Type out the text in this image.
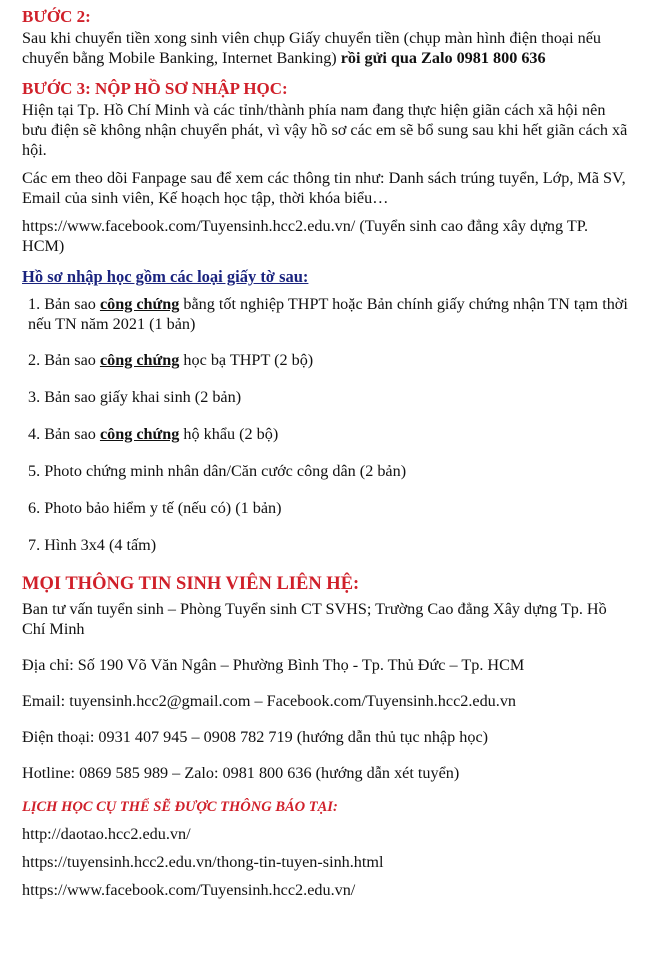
BƯỚC 2:

Sau khi chuyển tiền xong sinh viên chụp Giấy chuyển tiền (chụp màn hình điện thoại nếu chuyển bằng Mobile Banking, Internet Banking) rồi gửi qua Zalo 0981 800 636

BƯỚC 3: NỘP HỒ SƠ NHẬP HỌC:

Hiện tại Tp. Hồ Chí Minh và các tỉnh/thành phía nam đang thực hiện giãn cách xã hội nên bưu điện sẽ không nhận chuyển phát, vì vậy hồ sơ các em sẽ bổ sung sau khi hết giãn cách xã hội.

Các em theo dõi Fanpage sau để xem các thông tin như: Danh sách trúng tuyển, Lớp, Mã SV, Email của sinh viên, Kế hoạch học tập, thời khóa biểu…

https://www.facebook.com/Tuyensinh.hcc2.edu.vn/ (Tuyển sinh cao đẳng xây dựng TP. HCM)

Hồ sơ nhập học gồm các loại giấy tờ sau:

1. Bản sao công chứng bằng tốt nghiệp THPT hoặc Bản chính giấy chứng nhận TN tạm thời nếu TN năm 2021 (1 bản)

2. Bản sao công chứng học bạ THPT (2 bộ)

3. Bản sao giấy khai sinh (2 bản)

4. Bản sao công chứng hộ khẩu (2 bộ)

5. Photo chứng minh nhân dân/Căn cước công dân (2 bản)

6. Photo bảo hiểm y tế (nếu có) (1 bản)

7. Hình 3x4 (4 tấm)

MỌI THÔNG TIN SINH VIÊN LIÊN HỆ:

Ban tư vấn tuyển sinh – Phòng Tuyển sinh CT SVHS; Trường Cao đẳng Xây dựng Tp. Hồ Chí Minh

Địa chỉ: Số 190 Võ Văn Ngân – Phường Bình Thọ - Tp. Thủ Đức – Tp. HCM

Email: tuyensinh.hcc2@gmail.com – Facebook.com/Tuyensinh.hcc2.edu.vn

Điện thoại: 0931 407 945 – 0908 782 719 (hướng dẫn thủ tục nhập học)

Hotline: 0869 585 989 – Zalo: 0981 800 636 (hướng dẫn xét tuyển)

LỊCH HỌC CỤ THỂ SẼ ĐƯỢC THÔNG BÁO TẠI:

http://daotao.hcc2.edu.vn/

https://tuyensinh.hcc2.edu.vn/thong-tin-tuyen-sinh.html

https://www.facebook.com/Tuyensinh.hcc2.edu.vn/
